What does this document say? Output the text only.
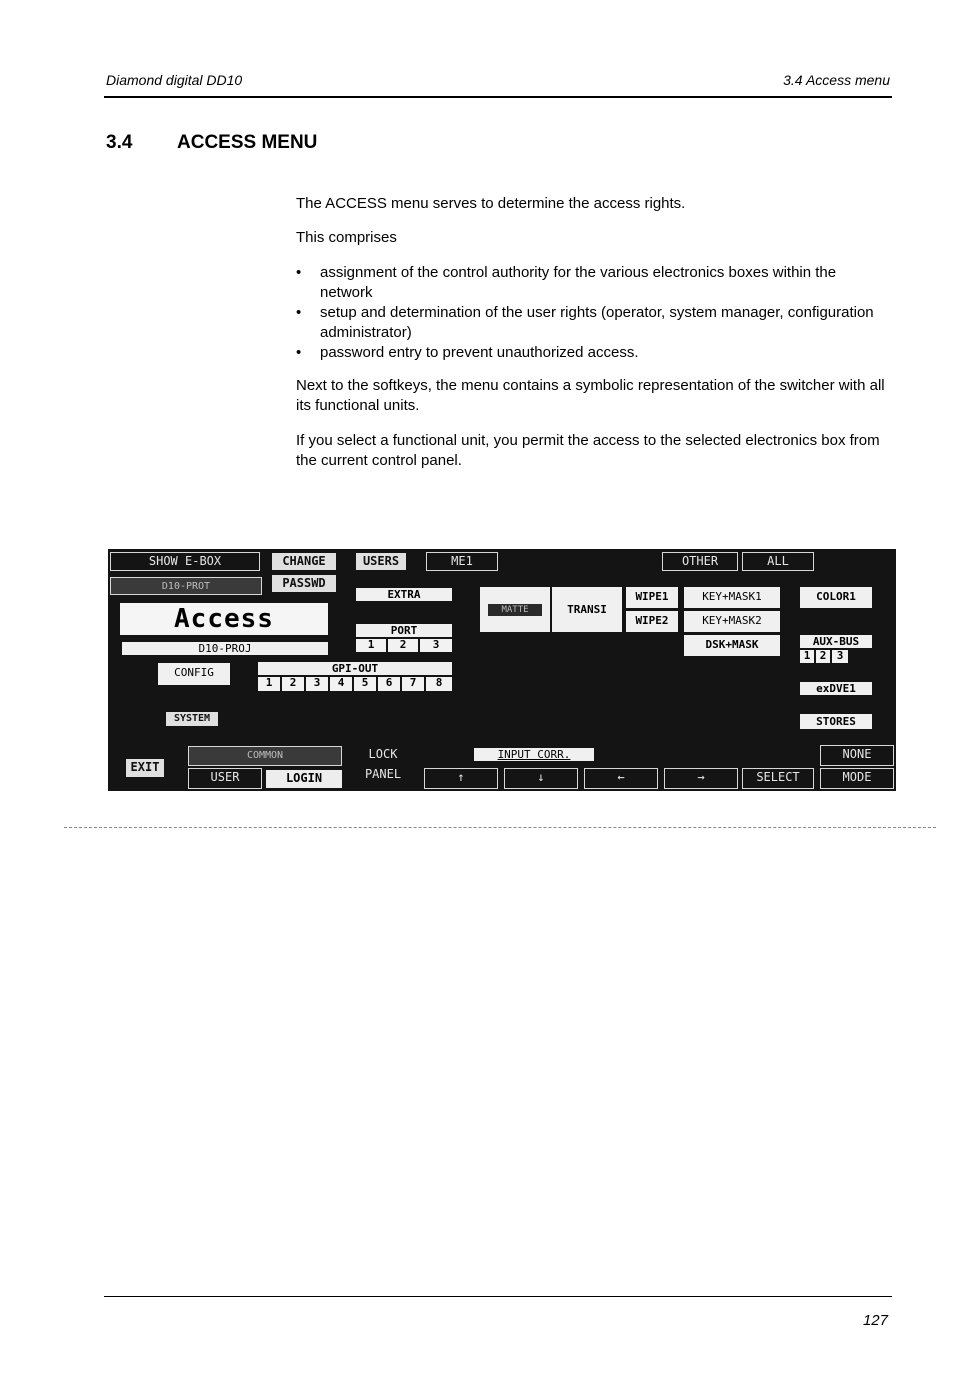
Diamond digital DD10	3.4 Access menu
3.4 ACCESS MENU
The ACCESS menu serves to determine the access rights.
This comprises
• assignment of the control authority for the various electronics boxes within the network
• setup and determination of the user rights (operator, system manager, configuration administrator)
• password entry to prevent unauthorized access.
Next to the softkeys, the menu contains a symbolic representation of the switcher with all its functional units.
If you select a functional unit, you permit the access to the selected electronics box from the current control panel.
SHOW E-BOX	CHANGE	USERS	ME1	OTHER	ALL
D10-PROT	PASSWD
Access
D10-PROJ
CONFIG
EXTRA
PORT
1	2	3
GPI-OUT
1	2	3	4	5	6	7	8
MATTE	TRANSI
WIPE1
WIPE2
KEY+MASK1
KEY+MASK2
DSK+MASK
COLOR1
AUX-BUS
1 2 3
exDVE1
STORES
SYSTEM
EXIT
COMMON
USER	LOGIN
LOCK
PANEL
INPUT CORR.
↑	↓	←	→	SELECT
NONE
MODE
127
